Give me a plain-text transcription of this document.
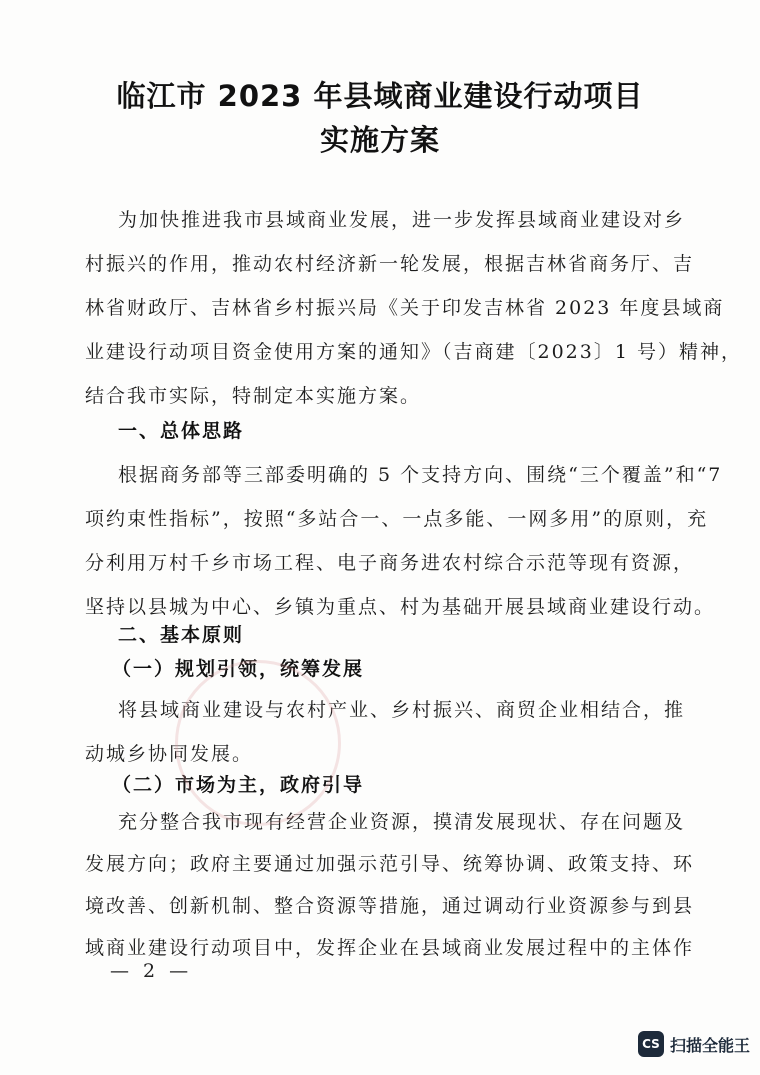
临江市 2023 年县域商业建设行动项目
实施方案
为加快推进我市县域商业发展，进一步发挥县域商业建设对乡
村振兴的作用，推动农村经济新一轮发展，根据吉林省商务厅、吉
林省财政厅、吉林省乡村振兴局《关于印发吉林省 2023 年度县域商
业建设行动项目资金使用方案的通知》（吉商建〔2023〕1 号）精神，
结合我市实际，特制定本实施方案。
一、总体思路
根据商务部等三部委明确的 5 个支持方向、围绕“三个覆盖”和“7
项约束性指标”，按照“多站合一、一点多能、一网多用”的原则，充
分利用万村千乡市场工程、电子商务进农村综合示范等现有资源，
坚持以县城为中心、乡镇为重点、村为基础开展县域商业建设行动。
二、基本原则
（一）规划引领，统筹发展
将县域商业建设与农村产业、乡村振兴、商贸企业相结合，推
动城乡协同发展。
（二）市场为主，政府引导
充分整合我市现有经营企业资源，摸清发展现状、存在问题及
发展方向；政府主要通过加强示范引导、统筹协调、政策支持、环
境改善、创新机制、整合资源等措施，通过调动行业资源参与到县
域商业建设行动项目中，发挥企业在县域商业发展过程中的主体作
— 2 —
CS 扫描全能王
